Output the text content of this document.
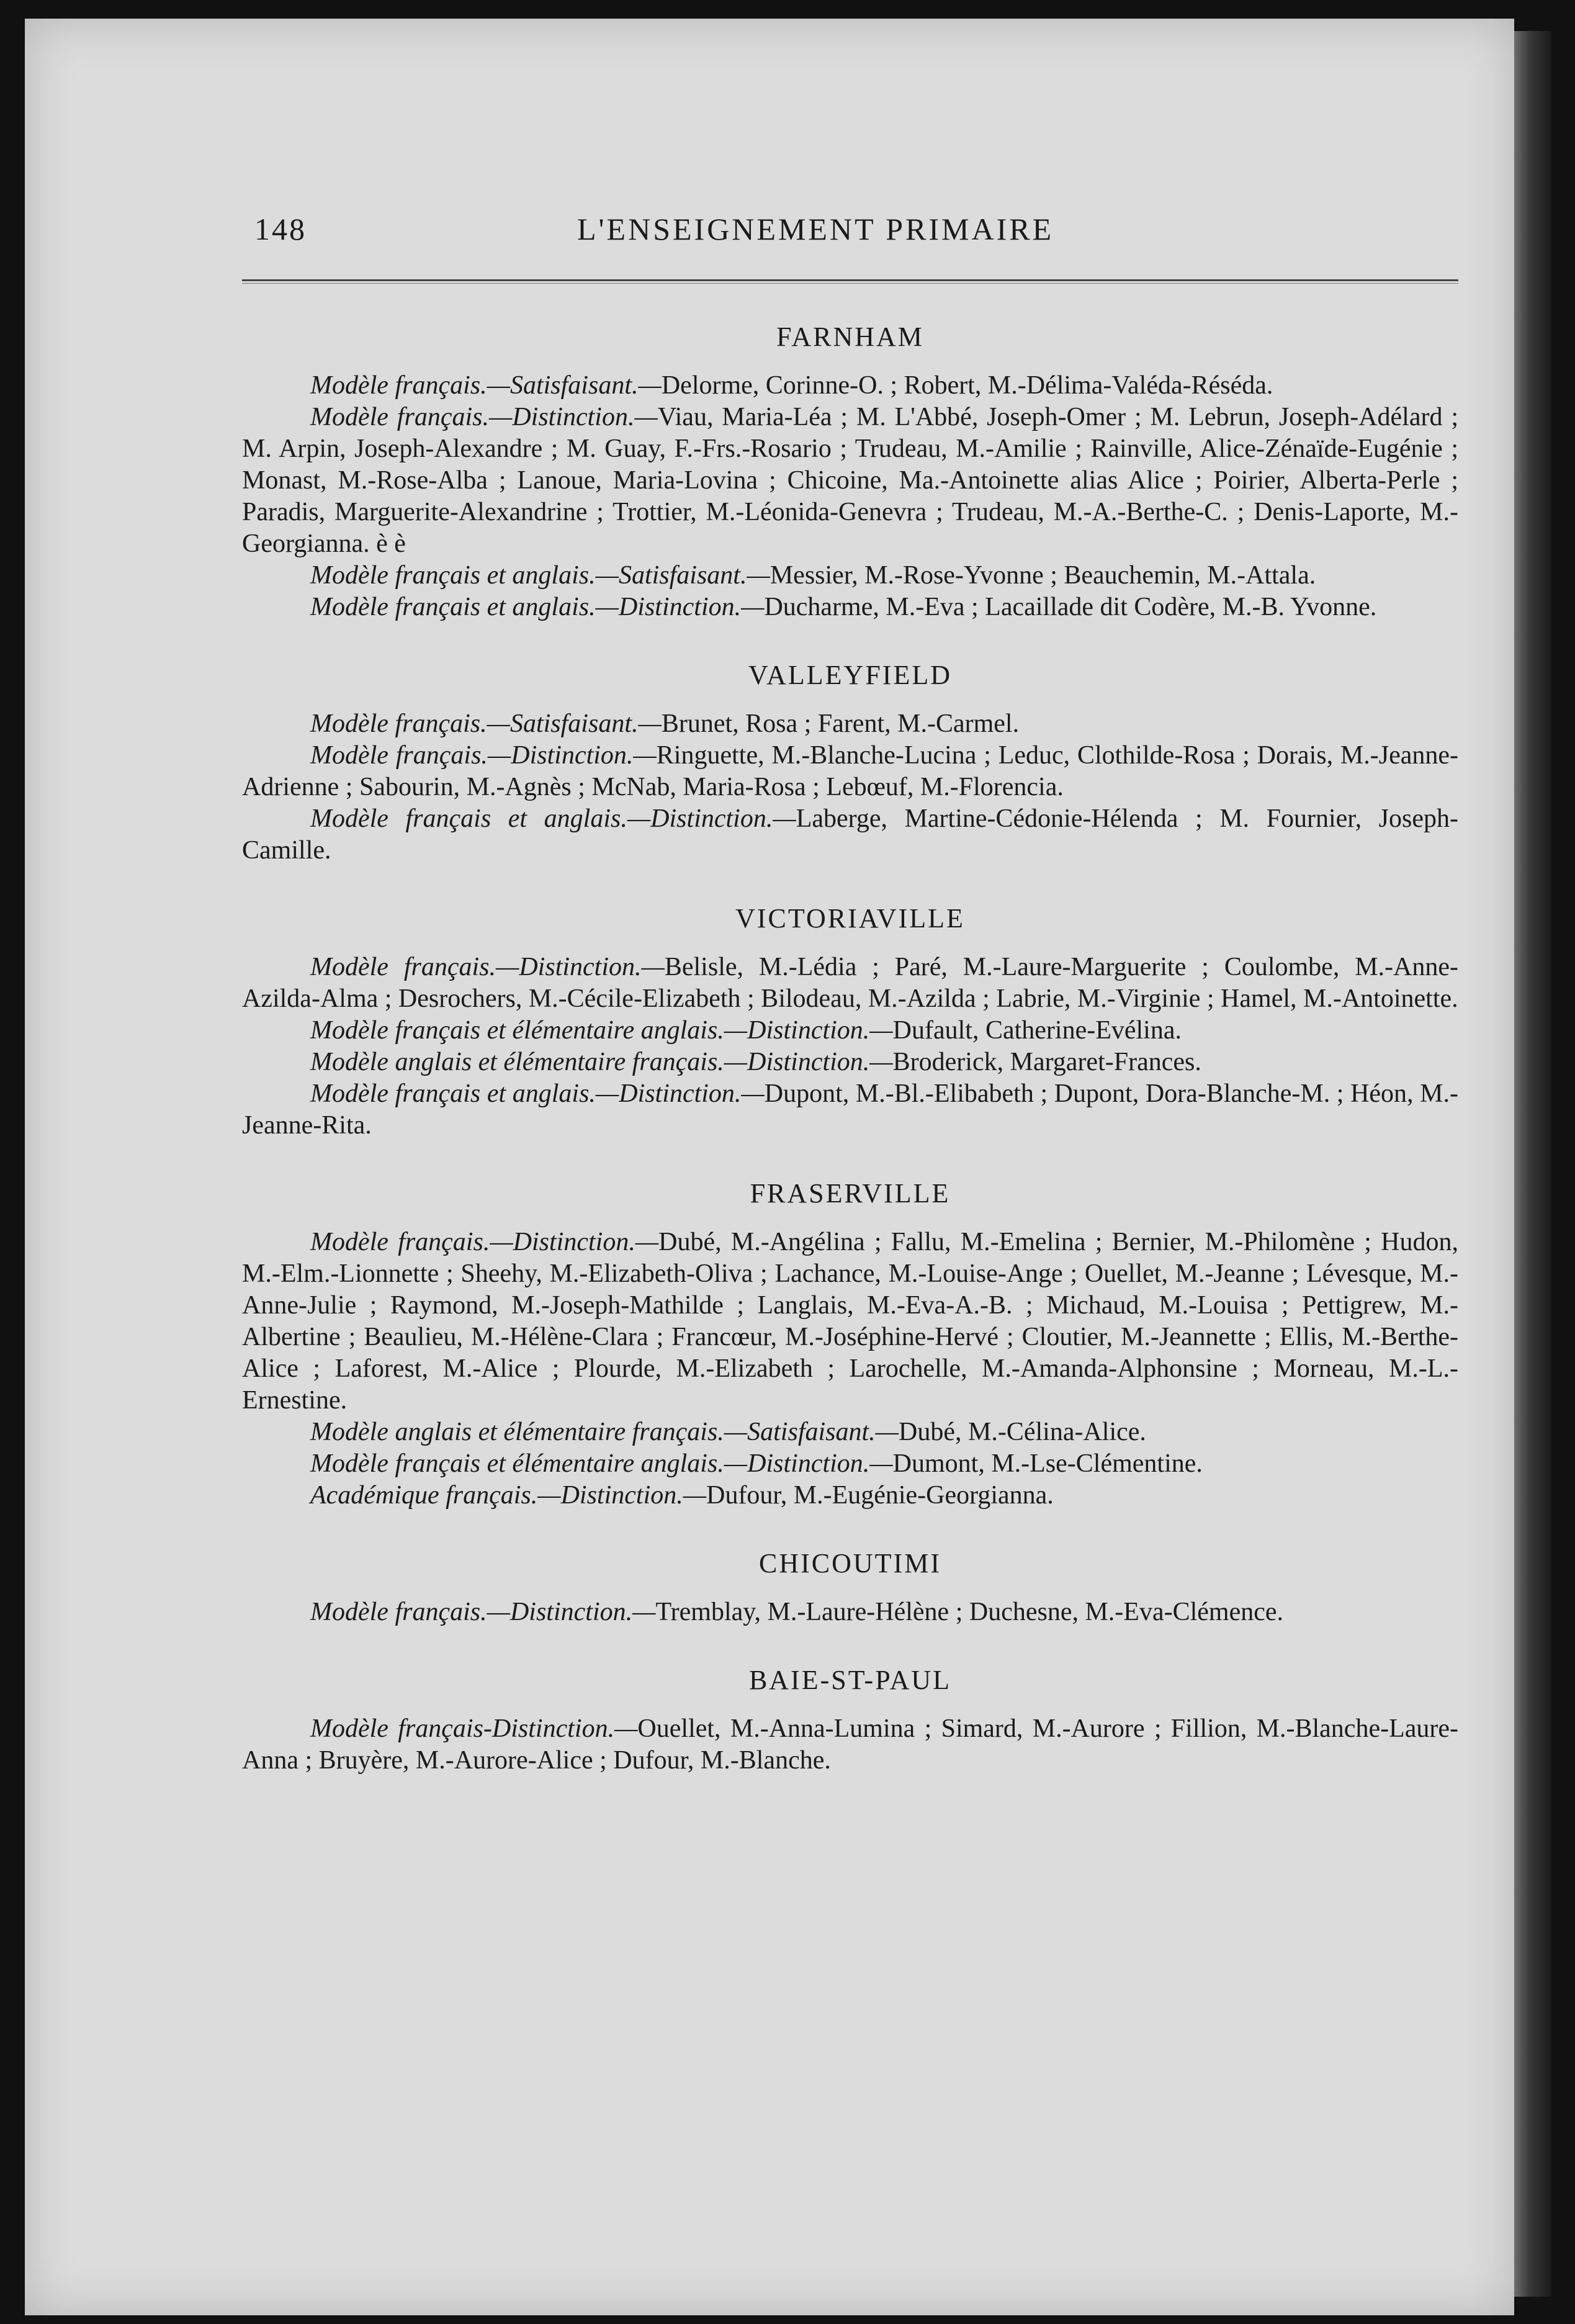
148	L'ENSEIGNEMENT PRIMAIRE
FARNHAM

Modèle français.—Satisfaisant.—Delorme, Corinne-O. ; Robert, M.-Délima-Valéda-Réséda.

Modèle français.—Distinction.—Viau, Maria-Léa ; M. L'Abbé, Joseph-Omer ; M. Lebrun, Joseph-Adélard ; M. Arpin, Joseph-Alexandre ; M. Guay, F.-Frs.-Rosario ; Trudeau, M.-Amilie ; Rainville, Alice-Zénaïde-Eugénie ; Monast, M.-Rose-Alba ; Lanoue, Maria-Lovina ; Chicoine, Ma.-Antoinette alias Alice ; Poirier, Alberta-Perle ; Paradis, Marguerite-Alexandrine ; Trottier, M.-Léonida-Genevra ; Trudeau, M.-A.-Berthe-C. ; Denis-Laporte, M.-Georgianna. è è

Modèle français et anglais.—Satisfaisant.—Messier, M.-Rose-Yvonne ; Beauchemin, M.-Attala.

Modèle français et anglais.—Distinction.—Ducharme, M.-Eva ; Lacaillade dit Codère, M.-B. Yvonne.

VALLEYFIELD

Modèle français.—Satisfaisant.—Brunet, Rosa ; Farent, M.-Carmel.

Modèle français.—Distinction.—Ringuette, M.-Blanche-Lucina ; Leduc, Clothilde-Rosa ; Dorais, M.-Jeanne-Adrienne ; Sabourin, M.-Agnès ; McNab, Maria-Rosa ; Lebœuf, M.-Florencia.

Modèle français et anglais.—Distinction.—Laberge, Martine-Cédonie-Hélenda ; M. Fournier, Joseph-Camille.

VICTORIAVILLE

Modèle français.—Distinction.—Belisle, M.-Lédia ; Paré, M.-Laure-Marguerite ; Coulombe, M.-Anne-Azilda-Alma ; Desrochers, M.-Cécile-Elizabeth ; Bilodeau, M.-Azilda ; Labrie, M.-Virginie ; Hamel, M.-Antoinette.

Modèle français et élémentaire anglais.—Distinction.—Dufault, Catherine-Evélina.

Modèle anglais et élémentaire français.—Distinction.—Broderick, Margaret-Frances.

Modèle français et anglais.—Distinction.—Dupont, M.-Bl.-Elibabeth ; Dupont, Dora-Blanche-M. ; Héon, M.-Jeanne-Rita.

FRASERVILLE

Modèle français.—Distinction.—Dubé, M.-Angélina ; Fallu, M.-Emelina ; Bernier, M.-Philomène ; Hudon, M.-Elm.-Lionnette ; Sheehy, M.-Elizabeth-Oliva ; Lachance, M.-Louise-Ange ; Ouellet, M.-Jeanne ; Lévesque, M.-Anne-Julie ; Raymond, M.-Joseph-Mathilde ; Langlais, M.-Eva-A.-B. ; Michaud, M.-Louisa ; Pettigrew, M.-Albertine ; Beaulieu, M.-Hélène-Clara ; Francœur, M.-Joséphine-Hervé ; Cloutier, M.-Jeannette ; Ellis, M.-Berthe-Alice ; Laforest, M.-Alice ; Plourde, M.-Elizabeth ; Larochelle, M.-Amanda-Alphonsine ; Morneau, M.-L.-Ernestine.

Modèle anglais et élémentaire français.—Satisfaisant.—Dubé, M.-Célina-Alice.

Modèle français et élémentaire anglais.—Distinction.—Dumont, M.-Lse-Clémentine.

Académique français.—Distinction.—Dufour, M.-Eugénie-Georgianna.

CHICOUTIMI

Modèle français.—Distinction.—Tremblay, M.-Laure-Hélène ; Duchesne, M.-Eva-Clémence.

BAIE-ST-PAUL

Modèle français-Distinction.—Ouellet, M.-Anna-Lumina ; Simard, M.-Aurore ; Fillion, M.-Blanche-Laure-Anna ; Bruyère, M.-Aurore-Alice ; Dufour, M.-Blanche.
